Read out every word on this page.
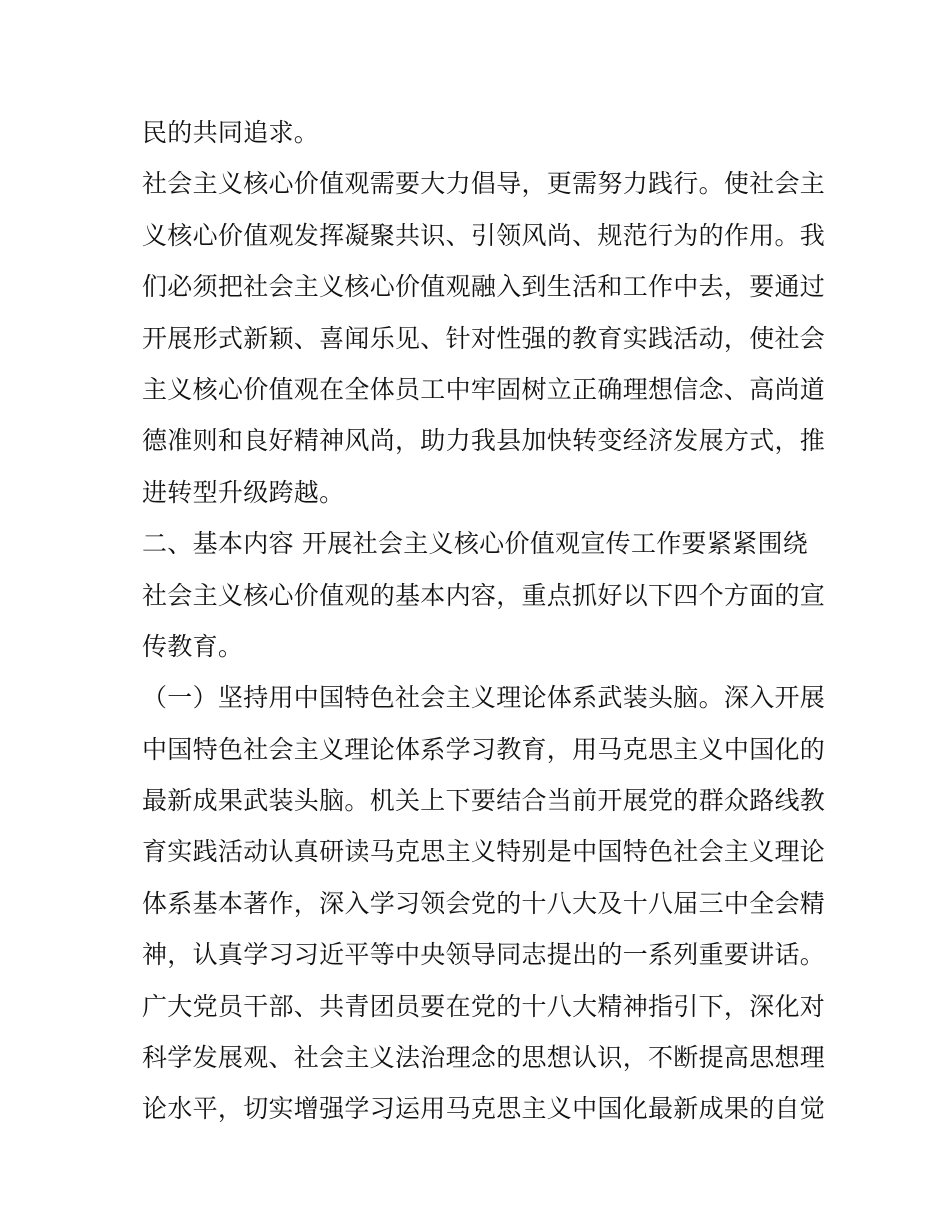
民的共同追求。
社会主义核心价值观需要大力倡导，更需努力践行。使社会主
义核心价值观发挥凝聚共识、引领风尚、规范行为的作用。我
们必须把社会主义核心价值观融入到生活和工作中去，要通过
开展形式新颖、喜闻乐见、针对性强的教育实践活动，使社会
主义核心价值观在全体员工中牢固树立正确理想信念、高尚道
德准则和良好精神风尚，助力我县加快转变经济发展方式，推
进转型升级跨越。
二、基本内容 开展社会主义核心价值观宣传工作要紧紧围绕
社会主义核心价值观的基本内容，重点抓好以下四个方面的宣
传教育。
（一）坚持用中国特色社会主义理论体系武装头脑。深入开展
中国特色社会主义理论体系学习教育，用马克思主义中国化的
最新成果武装头脑。机关上下要结合当前开展党的群众路线教
育实践活动认真研读马克思主义特别是中国特色社会主义理论
体系基本著作，深入学习领会党的十八大及十八届三中全会精
神，认真学习习近平等中央领导同志提出的一系列重要讲话。
广大党员干部、共青团员要在党的十八大精神指引下，深化对
科学发展观、社会主义法治理念的思想认识，不断提高思想理
论水平，切实增强学习运用马克思主义中国化最新成果的自觉
